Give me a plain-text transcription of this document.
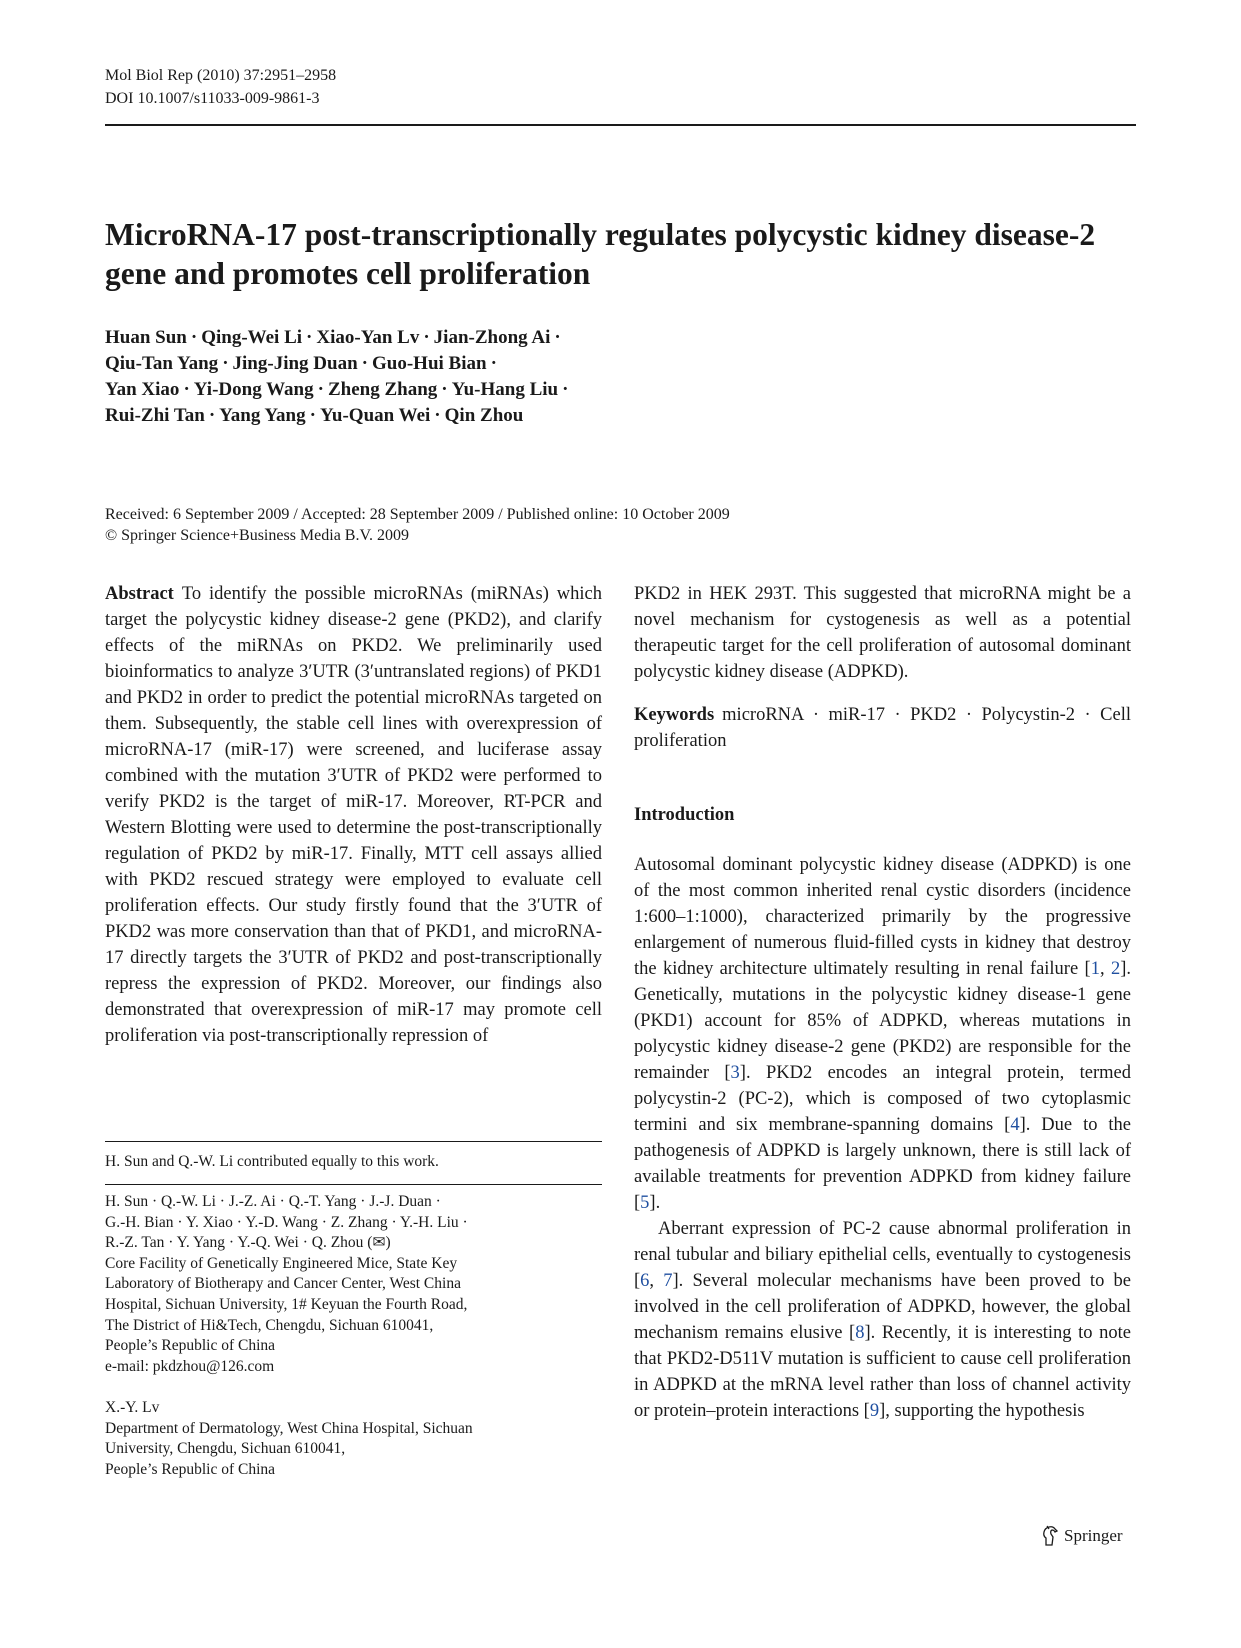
Mol Biol Rep (2010) 37:2951–2958
DOI 10.1007/s11033-009-9861-3
MicroRNA-17 post-transcriptionally regulates polycystic kidney disease-2 gene and promotes cell proliferation
Huan Sun · Qing-Wei Li · Xiao-Yan Lv · Jian-Zhong Ai ·
Qiu-Tan Yang · Jing-Jing Duan · Guo-Hui Bian ·
Yan Xiao · Yi-Dong Wang · Zheng Zhang · Yu-Hang Liu ·
Rui-Zhi Tan · Yang Yang · Yu-Quan Wei · Qin Zhou
Received: 6 September 2009 / Accepted: 28 September 2009 / Published online: 10 October 2009
© Springer Science+Business Media B.V. 2009

Abstract To identify the possible microRNAs (miRNAs) which target the polycystic kidney disease-2 gene (PKD2), and clarify effects of the miRNAs on PKD2. We preliminarily used bioinformatics to analyze 3′UTR (3′untranslated regions) of PKD1 and PKD2 in order to predict the potential microRNAs targeted on them. Subsequently, the stable cell lines with overexpression of microRNA-17 (miR-17) were screened, and luciferase assay combined with the mutation 3′UTR of PKD2 were performed to verify PKD2 is the target of miR-17. Moreover, RT-PCR and Western Blotting were used to determine the post-transcriptionally regulation of PKD2 by miR-17. Finally, MTT cell assays allied with PKD2 rescued strategy were employed to evaluate cell proliferation effects. Our study firstly found that the 3′UTR of PKD2 was more conservation than that of PKD1, and microRNA-17 directly targets the 3′UTR of PKD2 and post-transcriptionally repress the expression of PKD2. Moreover, our findings also demonstrated that overexpression of miR-17 may promote cell proliferation via post-transcriptionally repression of

H. Sun and Q.-W. Li contributed equally to this work.

H. Sun · Q.-W. Li · J.-Z. Ai · Q.-T. Yang · J.-J. Duan ·

G.-H. Bian · Y. Xiao · Y.-D. Wang · Z. Zhang · Y.-H. Liu ·

R.-Z. Tan · Y. Yang · Y.-Q. Wei · Q. Zhou (✉)

Core Facility of Genetically Engineered Mice, State Key

Laboratory of Biotherapy and Cancer Center, West China

Hospital, Sichuan University, 1# Keyuan the Fourth Road,

The District of Hi&Tech, Chengdu, Sichuan 610041,

People’s Republic of China

e-mail: pkdzhou@126.com

X.-Y. Lv

Department of Dermatology, West China Hospital, Sichuan

University, Chengdu, Sichuan 610041,

People’s Republic of China

PKD2 in HEK 293T. This suggested that microRNA might be a novel mechanism for cystogenesis as well as a potential therapeutic target for the cell proliferation of autosomal dominant polycystic kidney disease (ADPKD).

Keywords microRNA · miR-17 · PKD2 · Polycystin-2 · Cell proliferation

Introduction

Autosomal dominant polycystic kidney disease (ADPKD) is one of the most common inherited renal cystic disorders (incidence 1:600–1:1000), characterized primarily by the progressive enlargement of numerous fluid-filled cysts in kidney that destroy the kidney architecture ultimately resulting in renal failure [1, 2]. Genetically, mutations in the polycystic kidney disease-1 gene (PKD1) account for 85% of ADPKD, whereas mutations in polycystic kidney disease-2 gene (PKD2) are responsible for the remainder [3]. PKD2 encodes an integral protein, termed polycystin-2 (PC-2), which is composed of two cytoplasmic termini and six membrane-spanning domains [4]. Due to the pathogenesis of ADPKD is largely unknown, there is still lack of available treatments for prevention ADPKD from kidney failure [5].

Aberrant expression of PC-2 cause abnormal proliferation in renal tubular and biliary epithelial cells, eventually to cystogenesis [6, 7]. Several molecular mechanisms have been proved to be involved in the cell proliferation of ADPKD, however, the global mechanism remains elusive [8]. Recently, it is interesting to note that PKD2-D511V mutation is sufficient to cause cell proliferation in ADPKD at the mRNA level rather than loss of channel activity or protein–protein interactions [9], supporting the hypothesis

Springer
